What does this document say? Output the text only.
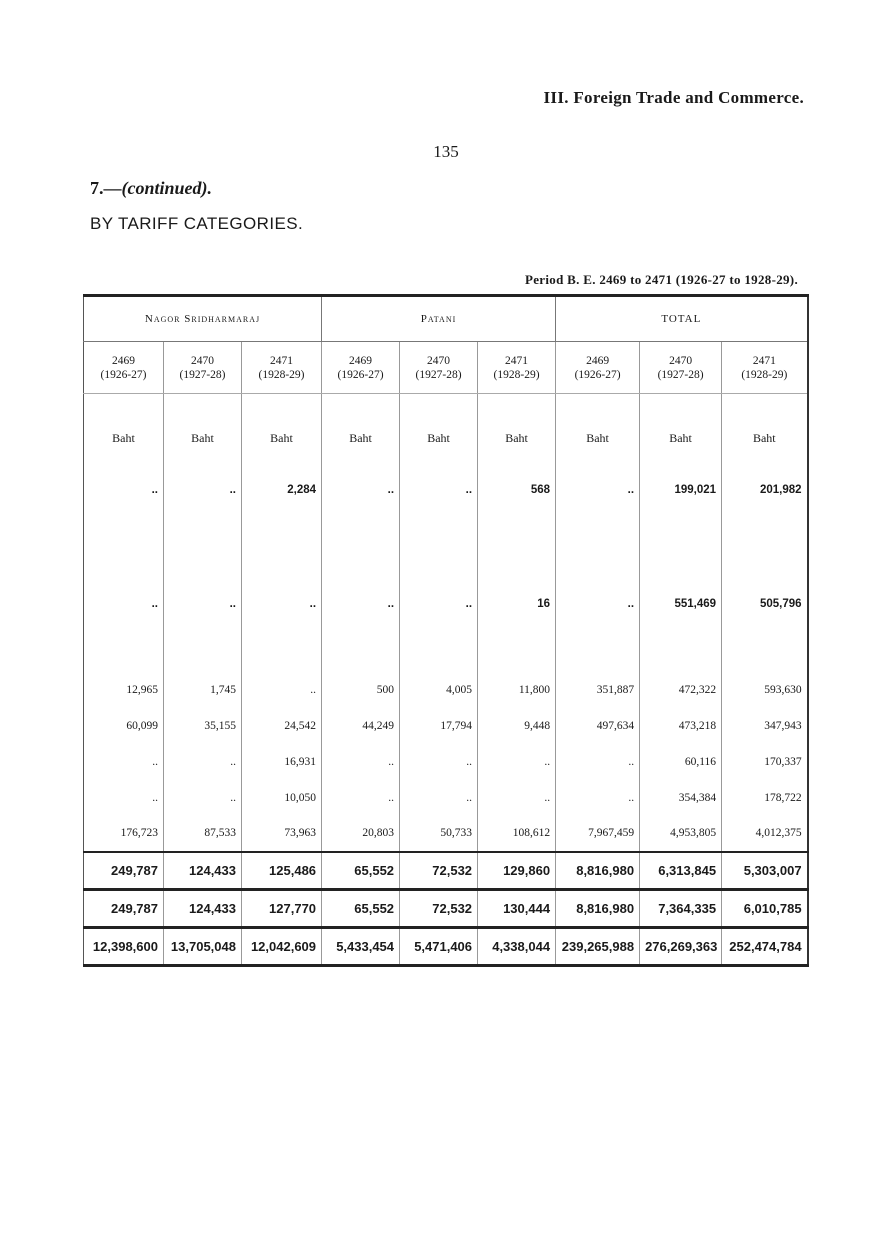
III. Foreign Trade and Commerce.
135
7.—(continued).
BY TARIFF CATEGORIES.
Period B. E. 2469 to 2471 (1926-27 to 1928-29).
Nagor Sridharmaraj			Patani			TOTAL		

2469
(1926-27)	2470
(1927-28)	2471
(1928-29)	2469
(1926-27)	2470
(1927-28)	2471
(1928-29)	2469
(1926-27)	2470
(1927-28)	2471
(1928-29)

Baht	Baht	Baht	Baht	Baht	Baht	Baht	Baht	Baht
..	..	2,284	..	..	568	..	199,021	201,982

..	..	..	..	..	16	..	551,469	505,796

12,965	1,745	..	500	4,005	11,800	351,887	472,322	593,630
60,099	35,155	24,542	44,249	17,794	9,448	497,634	473,218	347,943
..	..	16,931	..	..	..	..	60,116	170,337
..	..	10,050	..	..	..	..	354,384	178,722
176,723	87,533	73,963	20,803	50,733	108,612	7,967,459	4,953,805	4,012,375
249,787	124,433	125,486	65,552	72,532	129,860	8,816,980	6,313,845	5,303,007
249,787	124,433	127,770	65,552	72,532	130,444	8,816,980	7,364,335	6,010,785
12,398,600	13,705,048	12,042,609	5,433,454	5,471,406	4,338,044	239,265,988	276,269,363	252,474,784
